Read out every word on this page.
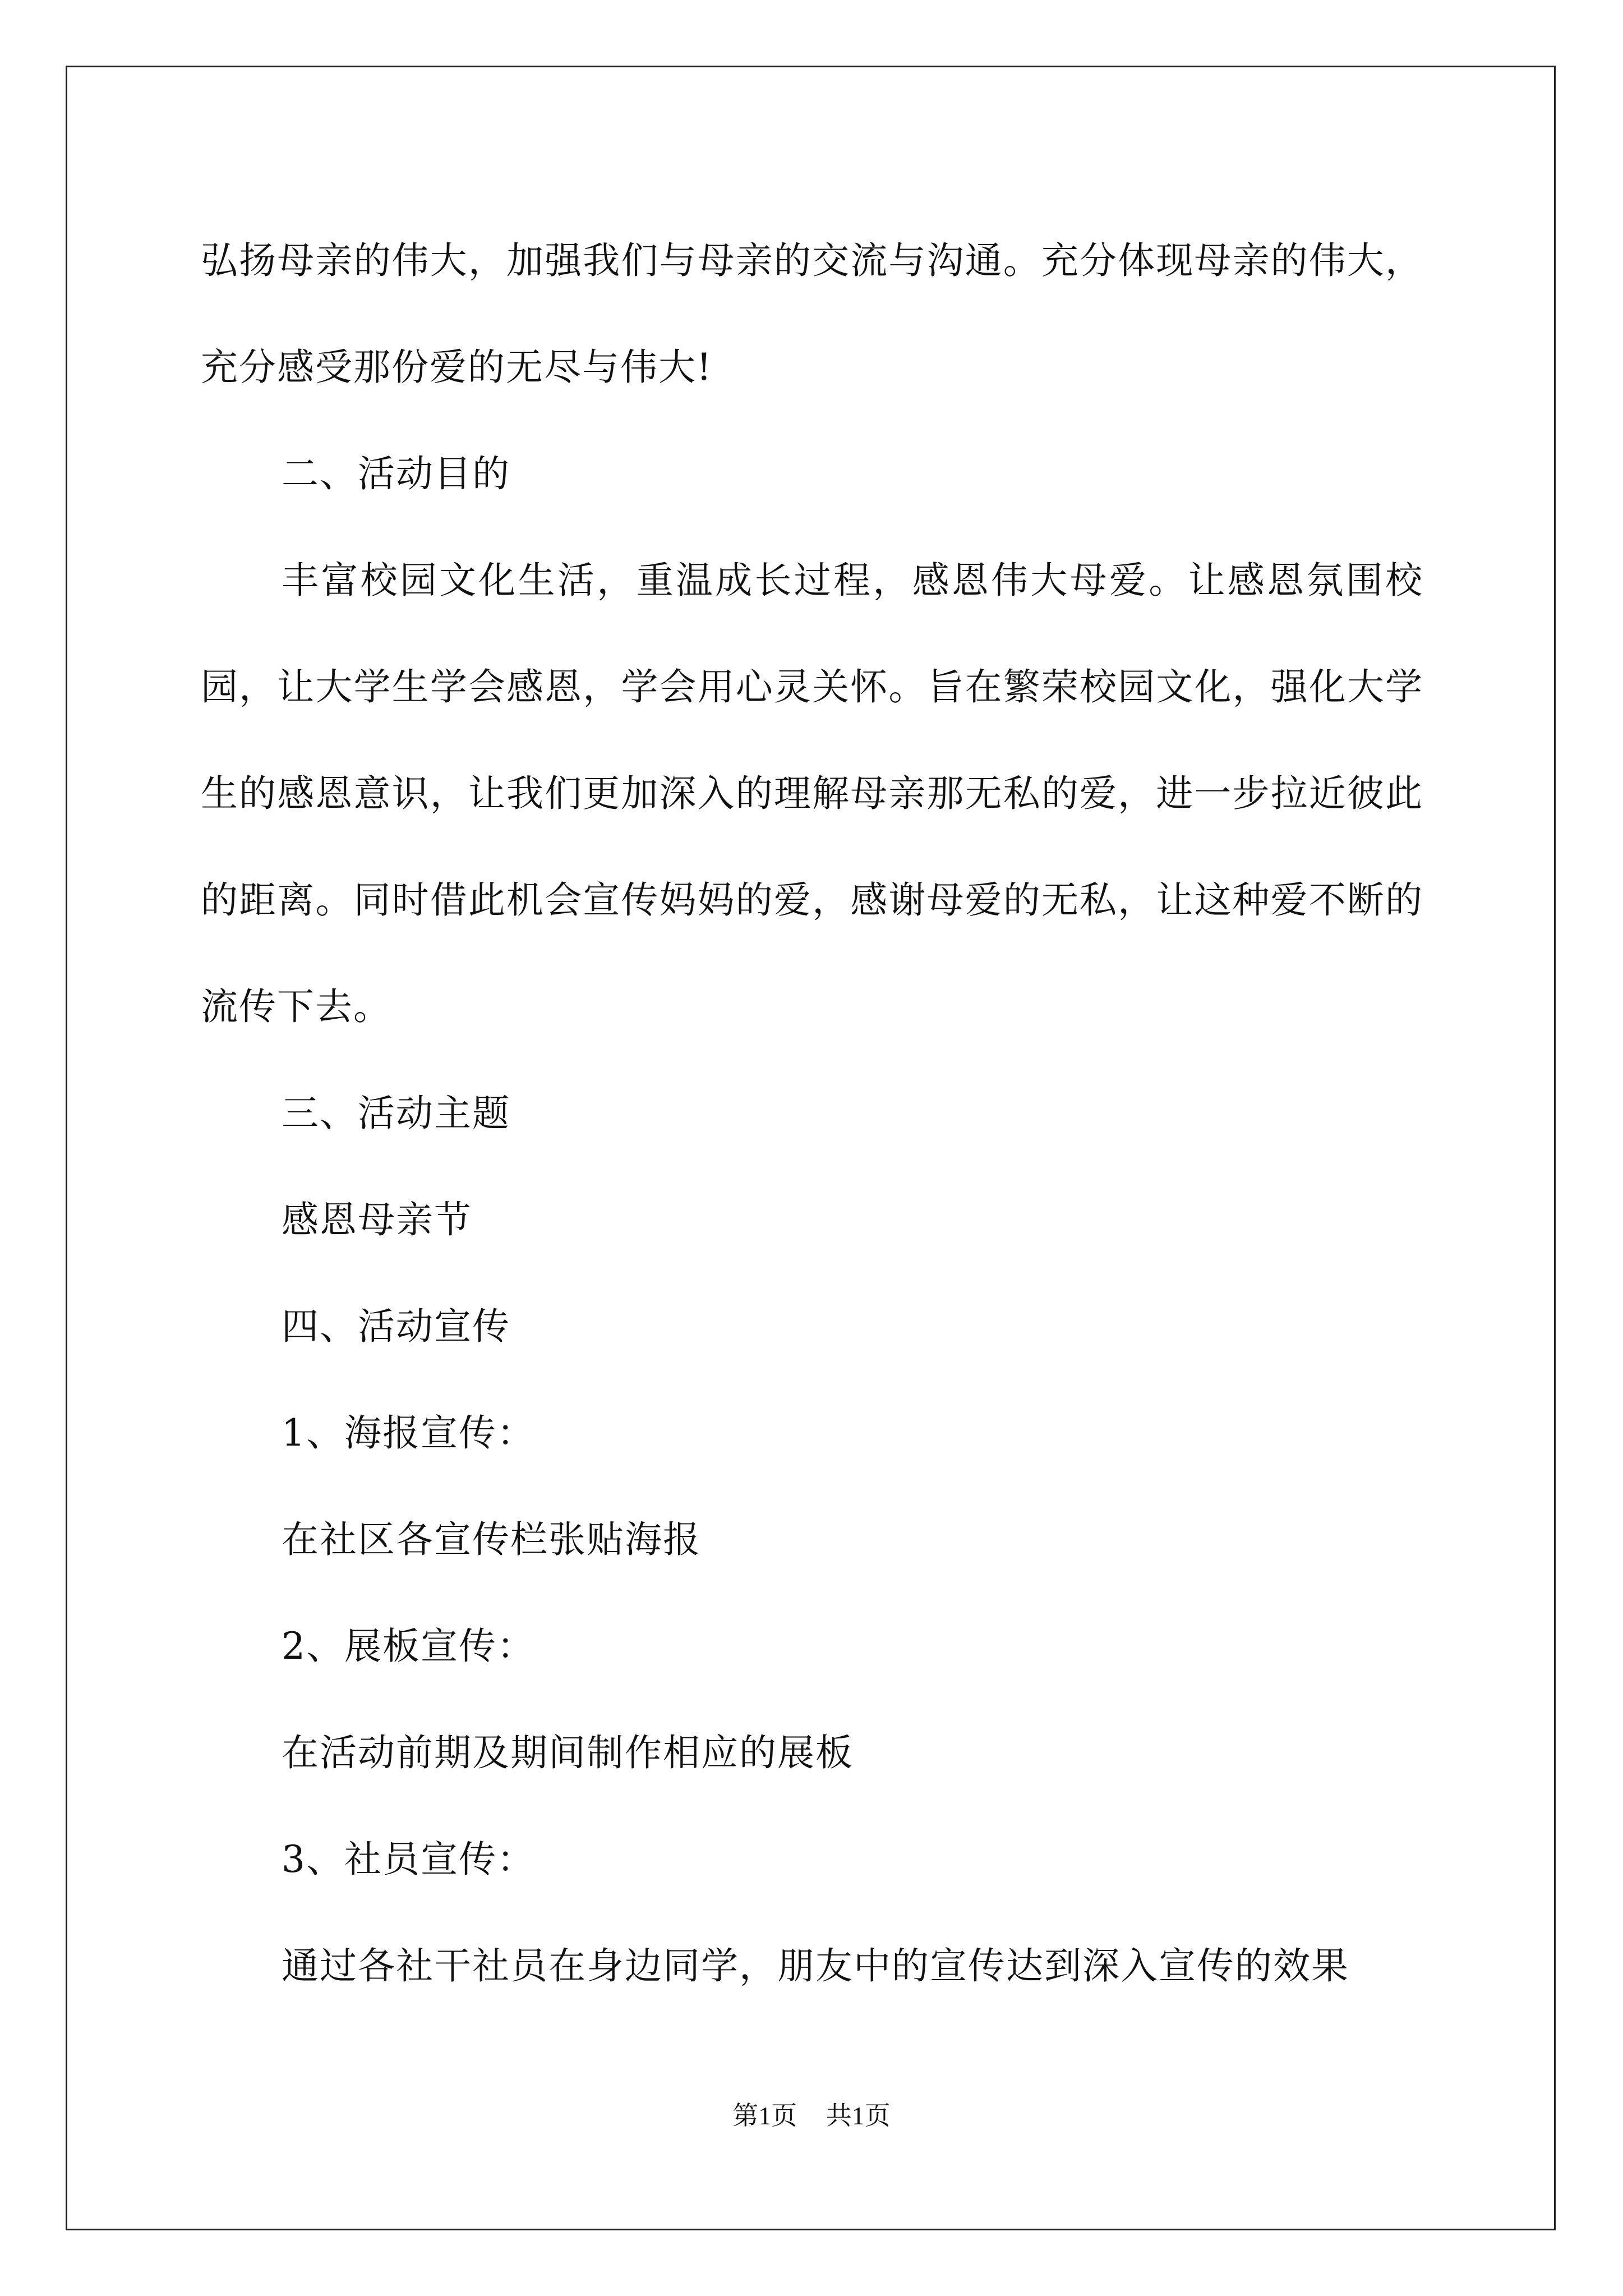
弘扬母亲的伟大，加强我们与母亲的交流与沟通。充分体现母亲的伟大，充分感受那份爱的无尽与伟大!

二、活动目的

丰富校园文化生活，重温成长过程，感恩伟大母爱。让感恩氛围校园，让大学生学会感恩，学会用心灵关怀。旨在繁荣校园文化，强化大学生的感恩意识，让我们更加深入的理解母亲那无私的爱，进一步拉近彼此的距离。同时借此机会宣传妈妈的爱，感谢母爱的无私，让这种爱不断的流传下去。

三、活动主题

感恩母亲节

四、活动宣传

1、海报宣传：

在社区各宣传栏张贴海报

2、展板宣传：

在活动前期及期间制作相应的展板

3、社员宣传：

通过各社干社员在身边同学，朋友中的宣传达到深入宣传的效果

第1页 共1页
